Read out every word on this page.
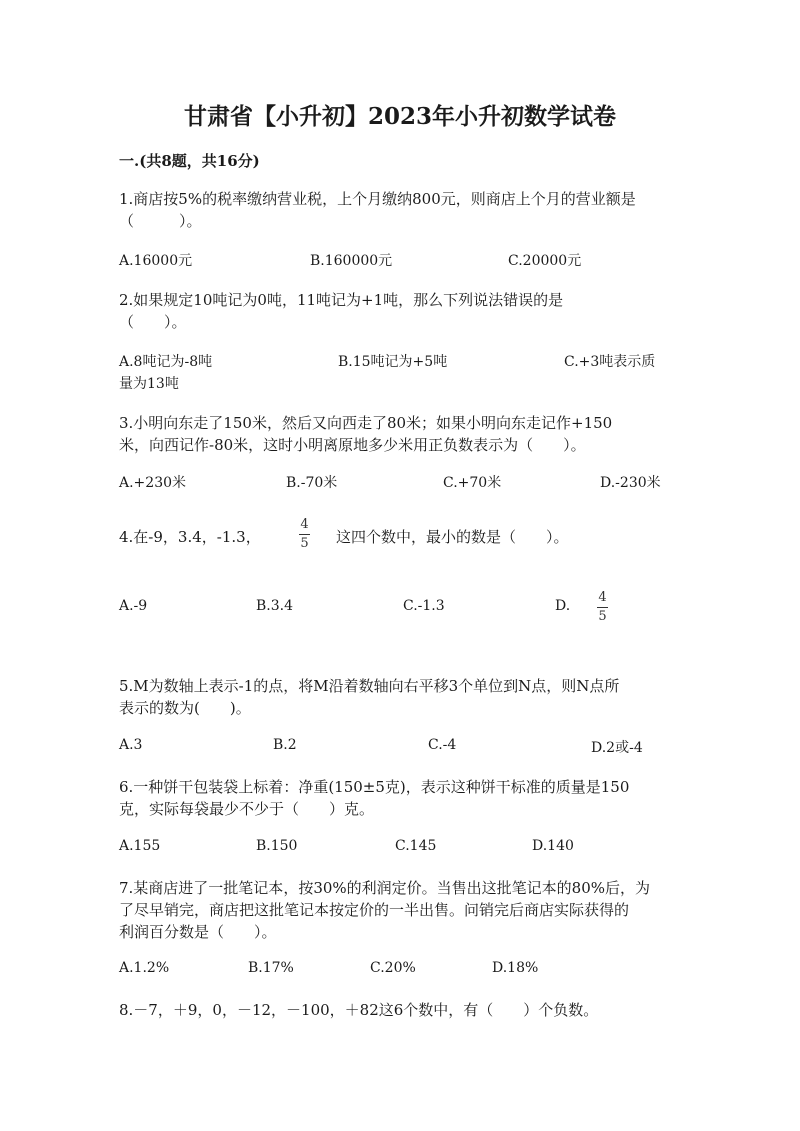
甘肃省【小升初】2023年小升初数学试卷
一.(共8题，共16分)
1.商店按5%的税率缴纳营业税，上个月缴纳800元，则商店上个月的营业额是
（　　　）。
A.16000元	B.160000元	C.20000元
2.如果规定10吨记为0吨，11吨记为+1吨，那么下列说法错误的是
（　　）。
A.8吨记为-8吨	B.15吨记为+5吨	C.+3吨表示质
量为13吨
3.小明向东走了150米，然后又向西走了80米；如果小明向东走记作+150
米，向西记作-80米，这时小明离原地多少米用正负数表示为（　　）。
A.+230米	B.-70米	C.+70米	D.-230米
4.在-9，3.4，-1.3，
4
5 这四个数中，最小的数是（　　）。
A.-9	B.3.4	C.-1.3	D.
4
5
5.M为数轴上表示-1的点，将M沿着数轴向右平移3个单位到N点，则N点所
表示的数为(　　)。
A.3	B.2	C.-4	D.2或-4
6.一种饼干包装袋上标着：净重(150±5克)，表示这种饼干标准的质量是150
克，实际每袋最少不少于（　　）克。
A.155	B.150	C.145	D.140
7.某商店进了一批笔记本，按30%的利润定价。当售出这批笔记本的80%后，为
了尽早销完，商店把这批笔记本按定价的一半出售。问销完后商店实际获得的
利润百分数是（　　）。
A.1.2%	B.17%	C.20%	D.18%
8.－7，＋9，0，－12，－100，＋82这6个数中，有（　　）个负数。
